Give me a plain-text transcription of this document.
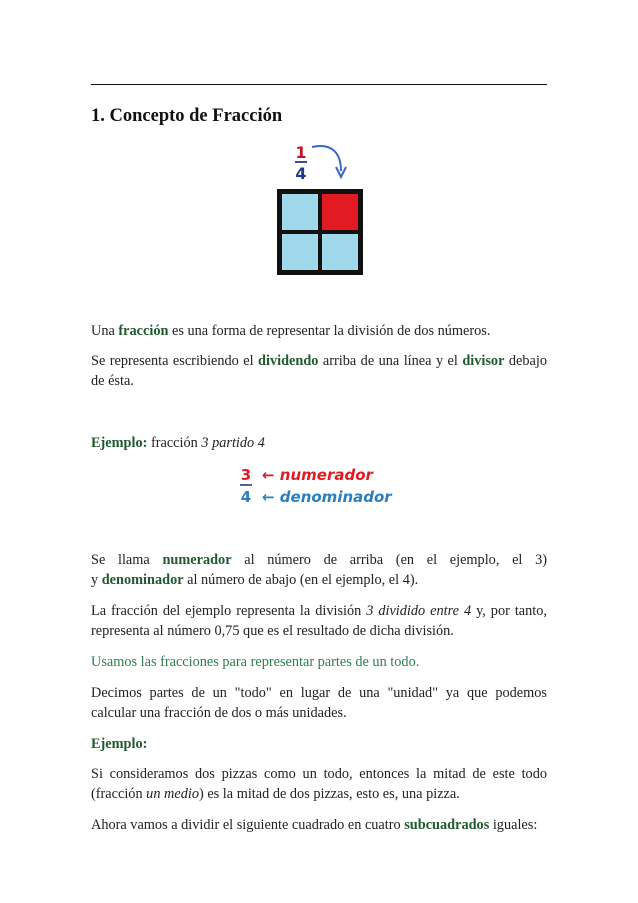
1. Concepto de Fracción
1
4

Una fracción es una forma de representar la división de dos números.

Se representa escribiendo el dividendo arriba de una línea y el divisor debajo

de ésta.

Ejemplo: fracción 3 partido 4

3
4
← numerador
← denominador

Se llama numerador al número de arriba (en el ejemplo, el 3)

y denominador al número de abajo (en el ejemplo, el 4).

La fracción del ejemplo representa la división 3 dividido entre 4 y, por tanto,

representa al número 0,75 que es el resultado de dicha división.

Usamos las fracciones para representar partes de un todo.

Decimos partes de un "todo" en lugar de una "unidad" ya que podemos

calcular una fracción de dos o más unidades.

Ejemplo:

Si consideramos dos pizzas como un todo, entonces la mitad de este todo

(fracción un medio) es la mitad de dos pizzas, esto es, una pizza.

Ahora vamos a dividir el siguiente cuadrado en cuatro subcuadrados iguales:
